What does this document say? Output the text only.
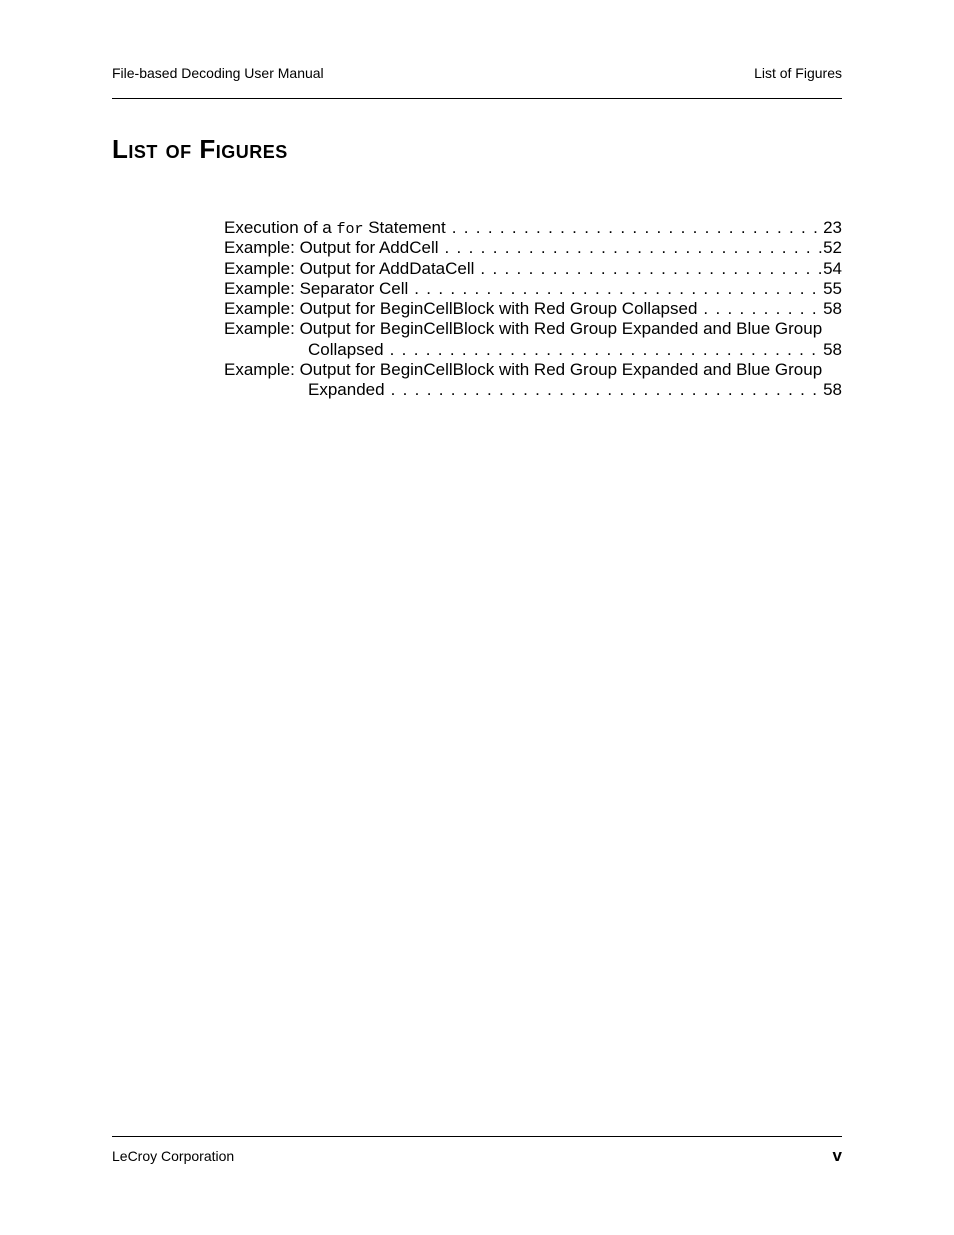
File-based Decoding User Manual	List of Figures
List of Figures
Execution of a for Statement . . .	23
Example: Output for AddCell . . .	52
Example: Output for AddDataCell . . .	54
Example: Separator Cell . . .	55
Example: Output for BeginCellBlock with Red Group Collapsed . . .	58
Example: Output for BeginCellBlock with Red Group Expanded and Blue Group
Collapsed . . .	58
Example: Output for BeginCellBlock with Red Group Expanded and Blue Group
Expanded . . .	58
LeCroy Corporation	v
